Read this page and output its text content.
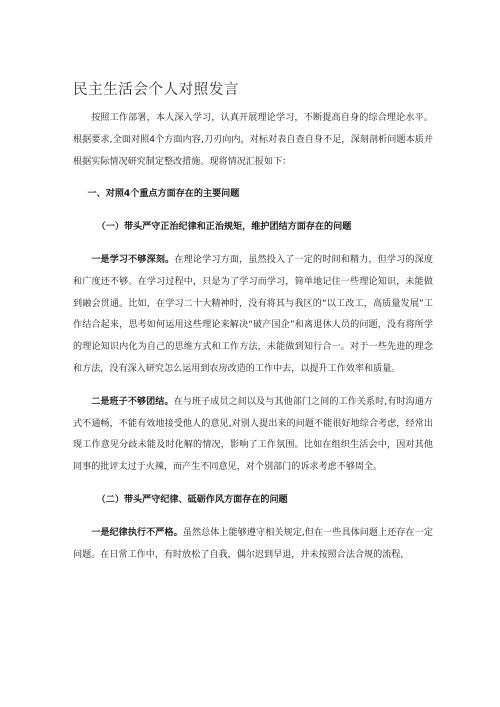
民主生活会个人对照发言

按照工作部署，本人深入学习，认真开展理论学习，不断提高自身的综合理论水平。根据要求,全面对照4个方面内容,刀刃向内，对标对表自查自身不足，深刻剖析问题本质并根据实际情况研究制定整改措施。现将情况汇报如下：

一、对照4个重点方面存在的主要问题
（一）带头严守正治纪律和正治规矩，维护团结方面存在的问题

一是学习不够深刻。在理论学习方面，虽然投入了一定的时间和精力，但学习的深度和广度还不够。在学习过程中，只是为了学习而学习，简单地记住一些理论知识，未能做到融会贯通。比如，在学习二十大精神时，没有将其与我区的“以工改工，高质量发展”工作结合起来，思考如何运用这些理论来解决“破产国企”和离退休人员的问题，没有将所学的理论知识内化为自己的思维方式和工作方法，未能做到知行合一。对于一些先进的理念和方法，没有深入研究怎么运用到农房改造的工作中去，以提升工作效率和质量。

二是班子不够团结。在与班子成员之间以及与其他部门之间的工作关系时,有时沟通方式不通畅，不能有效地接受他人的意见,对别人提出来的问题不能很好地综合考虑，经常出现工作意见分歧未能及时化解的情况，影响了工作氛围。比如在组织生活会中，因对其他同事的批评太过于火辣，而产生不同意见，对个别部门的诉求考虑不够周全。

（二）带头严守纪律、砥砺作风方面存在的问题

一是纪律执行不严格。虽然总体上能够遵守相关规定,但在一些具体问题上还存在一定问题。在日常工作中，有时放松了自我，偶尔迟到早退，并未按照合法合规的流程，
